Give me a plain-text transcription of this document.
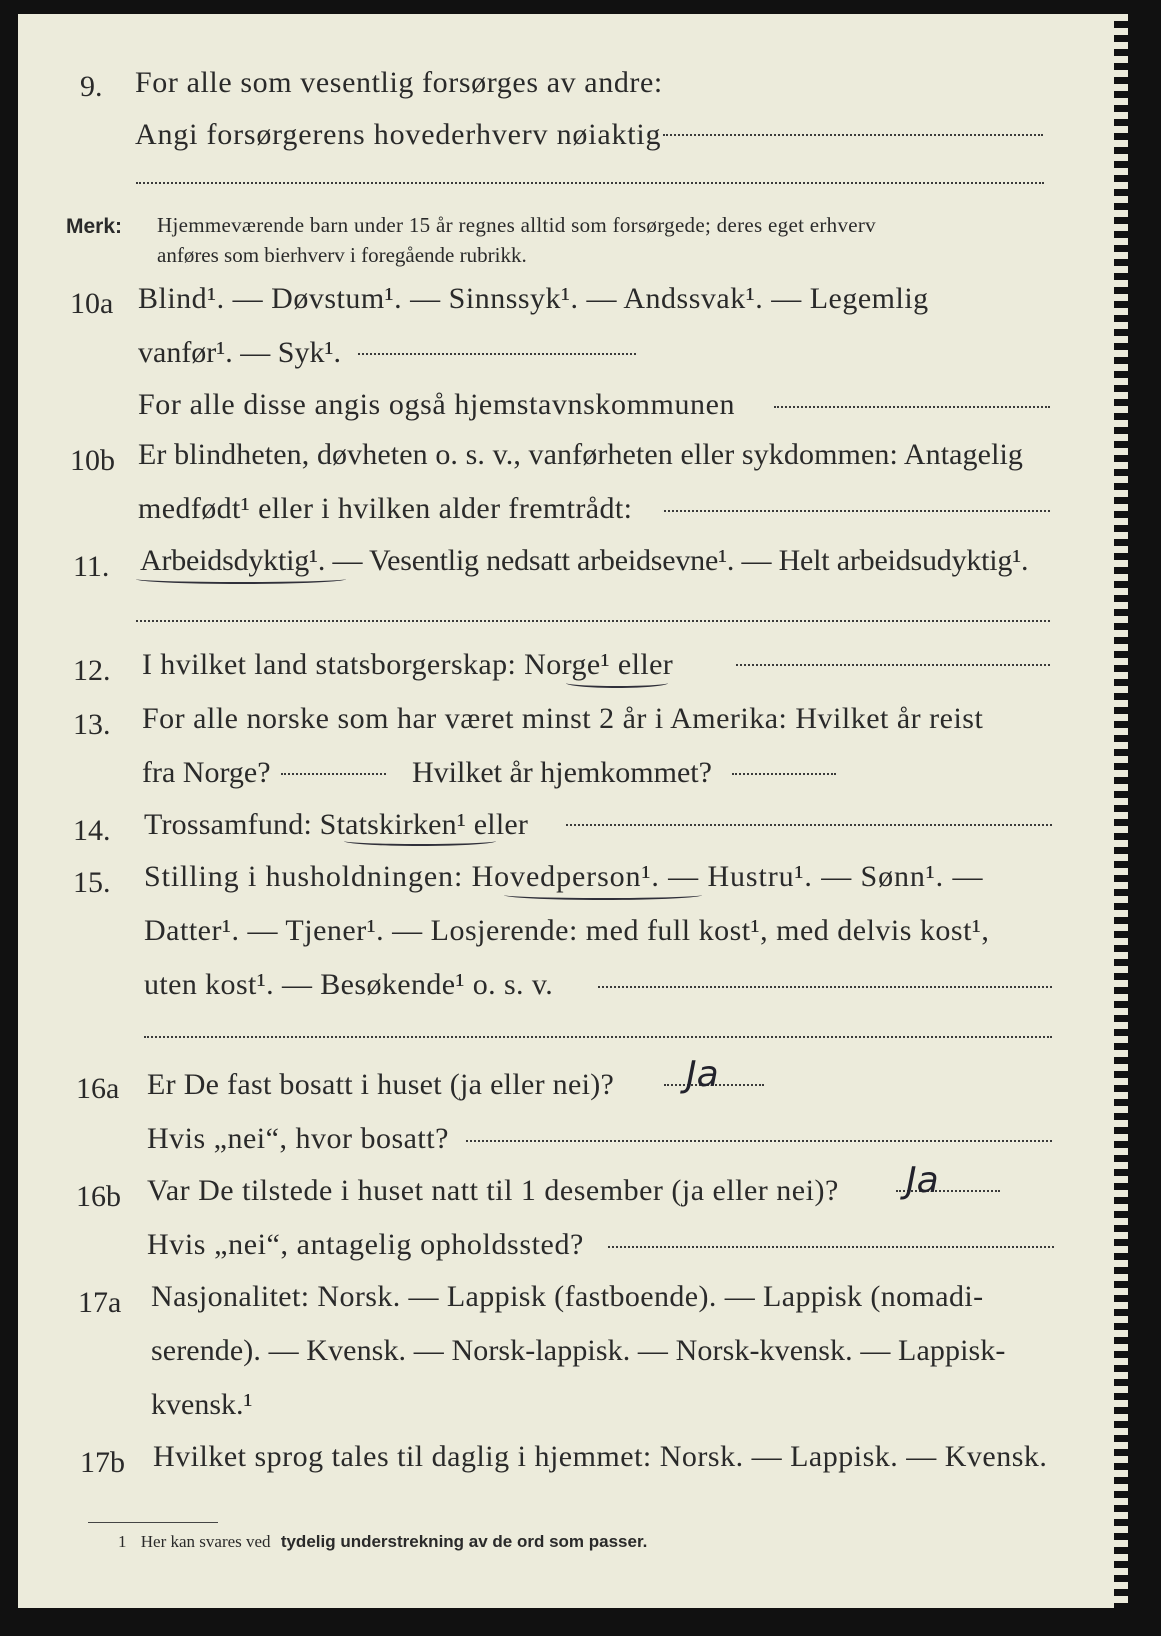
9. For alle som vesentlig forsørges av andre:
Angi forsørgerens hovederhverv nøiaktig
Merk: Hjemmeværende barn under 15 år regnes alltid som forsørgede; deres eget erhverv
anføres som bierhverv i foregående rubrikk.
10a Blind¹. — Døvstum¹. — Sinnssyk¹. — Andssvak¹. — Legemlig
vanfør¹. — Syk¹.
For alle disse angis også hjemstavnskommunen
10b Er blindheten, døvheten o. s. v., vanførheten eller sykdommen: Antagelig
medfødt¹ eller i hvilken alder fremtrådt:
11. Arbeidsdyktig¹. — Vesentlig nedsatt arbeidsevne¹. — Helt arbeidsudyktig¹.
12. I hvilket land statsborgerskap: Norge¹ eller
13. For alle norske som har været minst 2 år i Amerika: Hvilket år reist
fra Norge?	Hvilket år hjemkommet?
14. Trossamfund: Statskirken¹ eller
15. Stilling i husholdningen: Hovedperson¹. — Hustru¹. — Sønn¹. —
Datter¹. — Tjener¹. — Losjerende: med full kost¹, med delvis kost¹,
uten kost¹. — Besøkende¹ o. s. v.
16a Er De fast bosatt i huset (ja eller nei)? Ja
Hvis „nei“, hvor bosatt?
16b Var De tilstede i huset natt til 1 desember (ja eller nei)? Ja
Hvis „nei“, antagelig opholdssted?
17a Nasjonalitet: Norsk. — Lappisk (fastboende). — Lappisk (nomadi-
serende). — Kvensk. — Norsk-lappisk. — Norsk-kvensk. — Lappisk-
kvensk.¹
17b Hvilket sprog tales til daglig i hjemmet: Norsk. — Lappisk. — Kvensk.
1 Her kan svares ved tydelig understrekning av de ord som passer.
